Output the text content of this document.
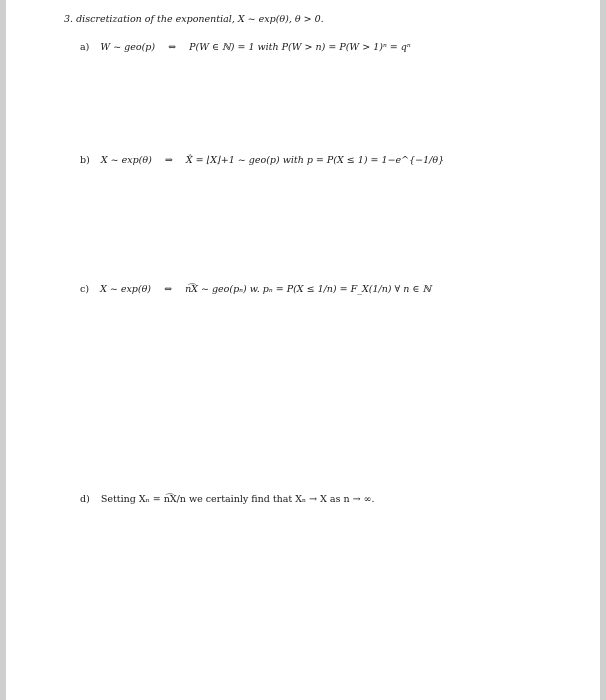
3. discretization of the exponential, X ~ exp(θ), θ > 0.
a) W ~ geo(p) ⇔ P(W ∈ ℕ) = 1 with P(W > n) = P(W > 1)ⁿ = qⁿ
b) X ~ exp(θ) ⇒ X̂ = ⌊X⌋+1 ~ geo(p) with p = P(X ≤ 1) = 1−e^{−1/θ}
c) X ~ exp(θ) ⇔ n͡X ~ geo(pₙ) w. pₙ = P(X ≤ 1/n) = F_X(1/n) ∀ n ∈ ℕ
d) Setting Xₙ = n͡X/n we certainly find that Xₙ → X as n → ∞.
